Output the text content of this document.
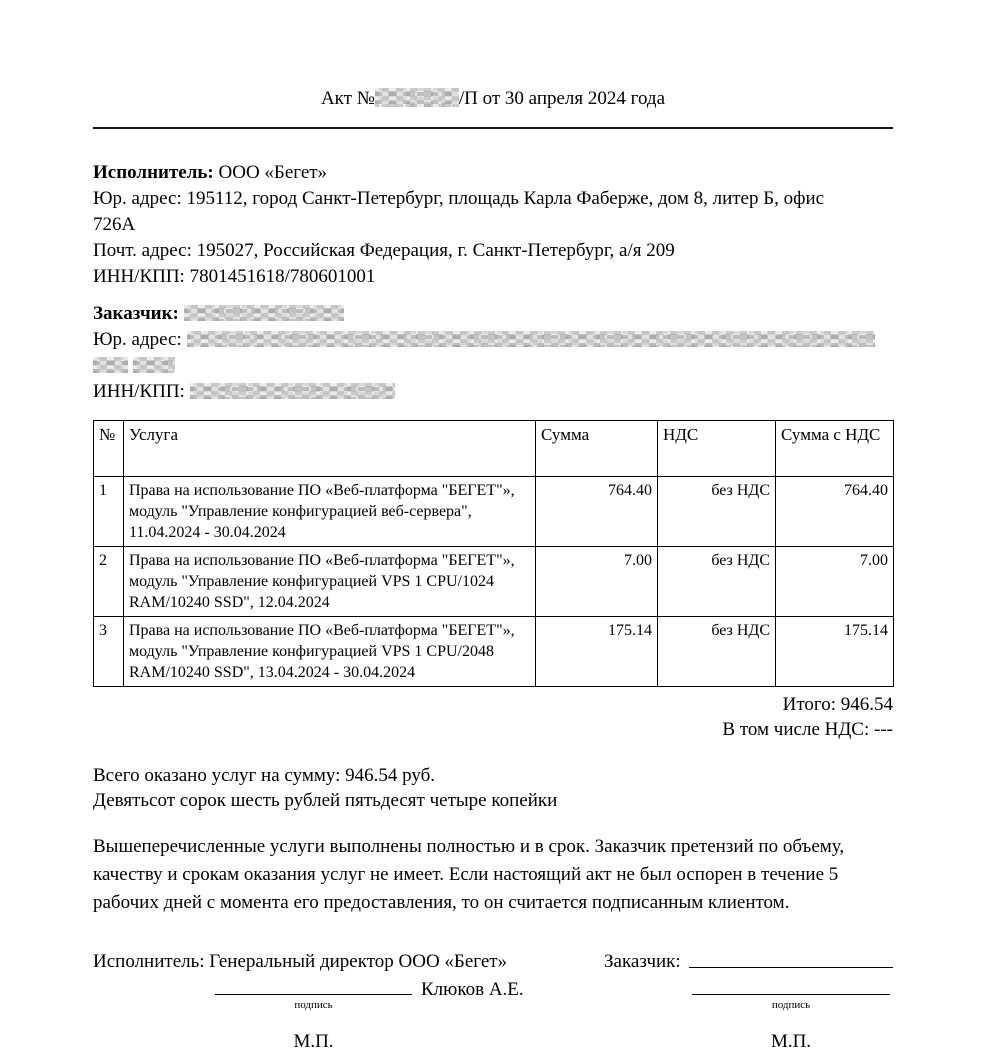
Акт №	/П от 30 апреля 2024 года

Исполнитель: ООО «Бегет»

Юр. адрес: 195112, город Санкт-Петербург, площадь Карла Фаберже, дом 8, литер Б, офис

726А

Почт. адрес: 195027, Российская Федерация, г. Санкт-Петербург, а/я 209

ИНН/КПП: 7801451618/780601001

Заказчик:

Юр. адрес:

ИНН/КПП:

№	Услуга	Сумма	НДС	Сумма с НДС
1	Права на использование ПО «Веб-платформа "БЕГЕТ"», модуль "Управление конфигурацией веб-сервера", 11.04.2024 - 30.04.2024	764.40	без НДС	764.40
2	Права на использование ПО «Веб-платформа "БЕГЕТ"», модуль "Управление конфигурацией VPS 1 CPU/1024 RAM/10240 SSD", 12.04.2024	7.00	без НДС	7.00
3	Права на использование ПО «Веб-платформа "БЕГЕТ"», модуль "Управление конфигурацией VPS 1 CPU/2048 RAM/10240 SSD", 13.04.2024 - 30.04.2024	175.14	без НДС	175.14
Итого: 946.54
В том числе НДС: ---

Всего оказано услуг на сумму: 946.54 руб.

Девятьсот сорок шесть рублей пятьдесят четыре копейки

Вышеперечисленные услуги выполнены полностью и в срок. Заказчик претензий по объему,

качеству и срокам оказания услуг не имеет. Если настоящий акт не был оспорен в течение 5

рабочих дней с момента его предоставления, то он считается подписанным клиентом.

Исполнитель: Генеральный директор ООО «Бегет»
Клюков А.Е.
подпись
М.П.
Заказчик:
подпись
М.П.
